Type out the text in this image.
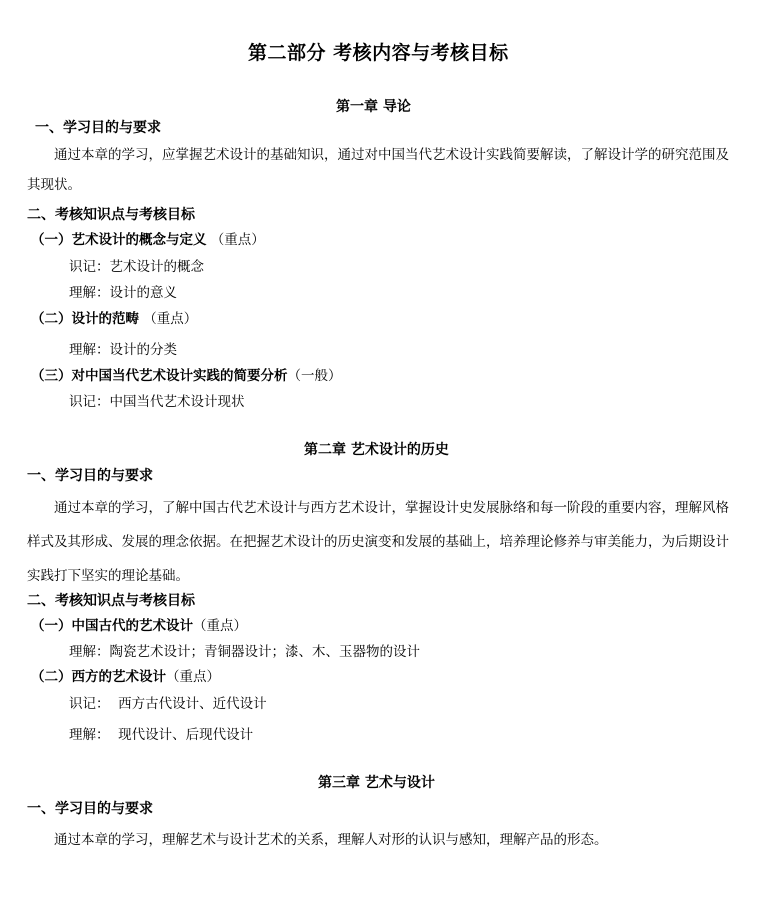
第二部分 考核内容与考核目标
第一章 导论
一、学习目的与要求
通过本章的学习，应掌握艺术设计的基础知识，通过对中国当代艺术设计实践简要解读，了解设计学的研究范围及其现状。
二、考核知识点与考核目标
（一）艺术设计的概念与定义 （重点）
识记：艺术设计的概念
理解：设计的意义
（二）设计的范畴 （重点）
理解：设计的分类
（三）对中国当代艺术设计实践的简要分析（一般）
识记：中国当代艺术设计现状
第二章 艺术设计的历史
一、学习目的与要求
通过本章的学习，了解中国古代艺术设计与西方艺术设计，掌握设计史发展脉络和每一阶段的重要内容，理解风格样式及其形成、发展的理念依据。在把握艺术设计的历史演变和发展的基础上，培养理论修养与审美能力，为后期设计实践打下坚实的理论基础。
二、考核知识点与考核目标
（一）中国古代的艺术设计（重点）
理解：陶瓷艺术设计；青铜器设计；漆、木、玉器物的设计
（二）西方的艺术设计（重点）
识记：  西方古代设计、近代设计
理解：  现代设计、后现代设计
第三章 艺术与设计
一、学习目的与要求
通过本章的学习，理解艺术与设计艺术的关系，理解人对形的认识与感知，理解产品的形态。
